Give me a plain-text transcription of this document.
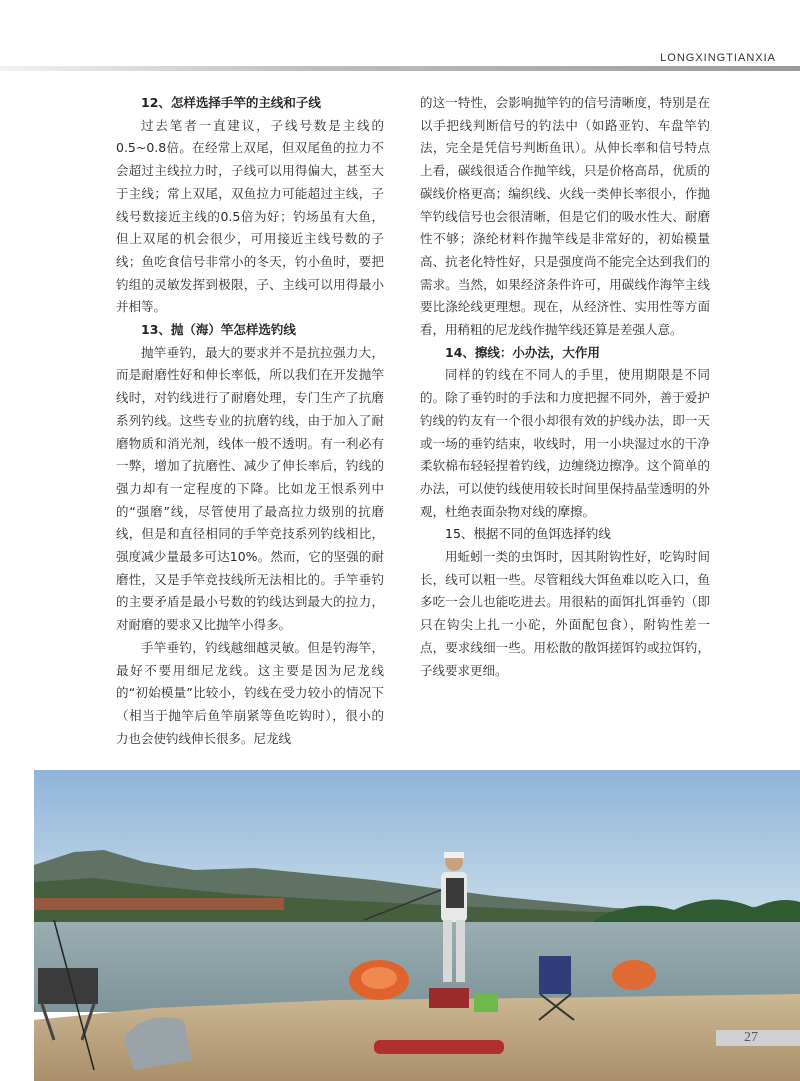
LONGXINGTIANXIA
12、怎样选择手竿的主线和子线

过去笔者一直建议，子线号数是主线的0.5~0.8倍。在经常上双尾，但双尾鱼的拉力不会超过主线拉力时，子线可以用得偏大，甚至大于主线；常上双尾，双鱼拉力可能超过主线，子线号数接近主线的0.5倍为好；钓场虽有大鱼，但上双尾的机会很少，可用接近主线号数的子线；鱼吃食信号非常小的冬天，钓小鱼时，要把钓组的灵敏发挥到极限，子、主线可以用得最小并相等。

13、抛（海）竿怎样选钓线

抛竿垂钓，最大的要求并不是抗拉强力大，而是耐磨性好和伸长率低，所以我们在开发抛竿线时，对钓线进行了耐磨处理，专门生产了抗磨系列钓线。这些专业的抗磨钓线，由于加入了耐磨物质和消光剂，线体一般不透明。有一利必有一弊，增加了抗磨性、减少了伸长率后，钓线的强力却有一定程度的下降。比如龙王恨系列中的“强磨”线，尽管使用了最高拉力级别的抗磨线，但是和直径相同的手竿竞技系列钓线相比，强度减少量最多可达10%。然而，它的坚强的耐磨性，又是手竿竞技线所无法相比的。手竿垂钓的主要矛盾是最小号数的钓线达到最大的拉力，对耐磨的要求又比抛竿小得多。

手竿垂钓，钓线越细越灵敏。但是钓海竿，最好不要用细尼龙线。这主要是因为尼龙线的“初始模量”比较小，钓线在受力较小的情况下（相当于抛竿后鱼竿崩紧等鱼吃钩时），很小的力也会使钓线伸长很多。尼龙线

的这一特性，会影响抛竿钓的信号清晰度，特别是在以手把线判断信号的钓法中（如路亚钓、车盘竿钓法，完全是凭信号判断鱼讯）。从伸长率和信号特点上看，碳线很适合作抛竿线，只是价格高昂，优质的碳线价格更高；编织线、火线一类伸长率很小，作抛竿钓线信号也会很清晰，但是它们的吸水性大、耐磨性不够；涤纶材料作抛竿线是非常好的，初始模量高、抗老化特性好，只是强度尚不能完全达到我们的需求。当然，如果经济条件许可，用碳线作海竿主线要比涤纶线更理想。现在，从经济性、实用性等方面看，用稍粗的尼龙线作抛竿线还算是差强人意。

14、擦线：小办法，大作用

同样的钓线在不同人的手里，使用期限是不同的。除了垂钓时的手法和力度把握不同外，善于爱护钓线的钓友有一个很小却很有效的护线办法，即一天或一场的垂钓结束，收线时，用一小块湿过水的干净柔软棉布轻轻捏着钓线，边缠绕边擦净。这个简单的办法，可以使钓线使用较长时间里保持晶莹透明的外观，杜绝表面杂物对线的摩擦。

15、根据不同的鱼饵选择钓线

用蚯蚓一类的虫饵时，因其附钩性好，吃钩时间长，线可以粗一些。尽管粗线大饵鱼难以吃入口，鱼多吃一会儿也能吃进去。用很粘的面饵扎饵垂钓（即只在钩尖上扎一小砣，外面配包食），附钩性差一点，要求线细一些。用松散的散饵搓饵钓或拉饵钓，子线要求更细。

27
